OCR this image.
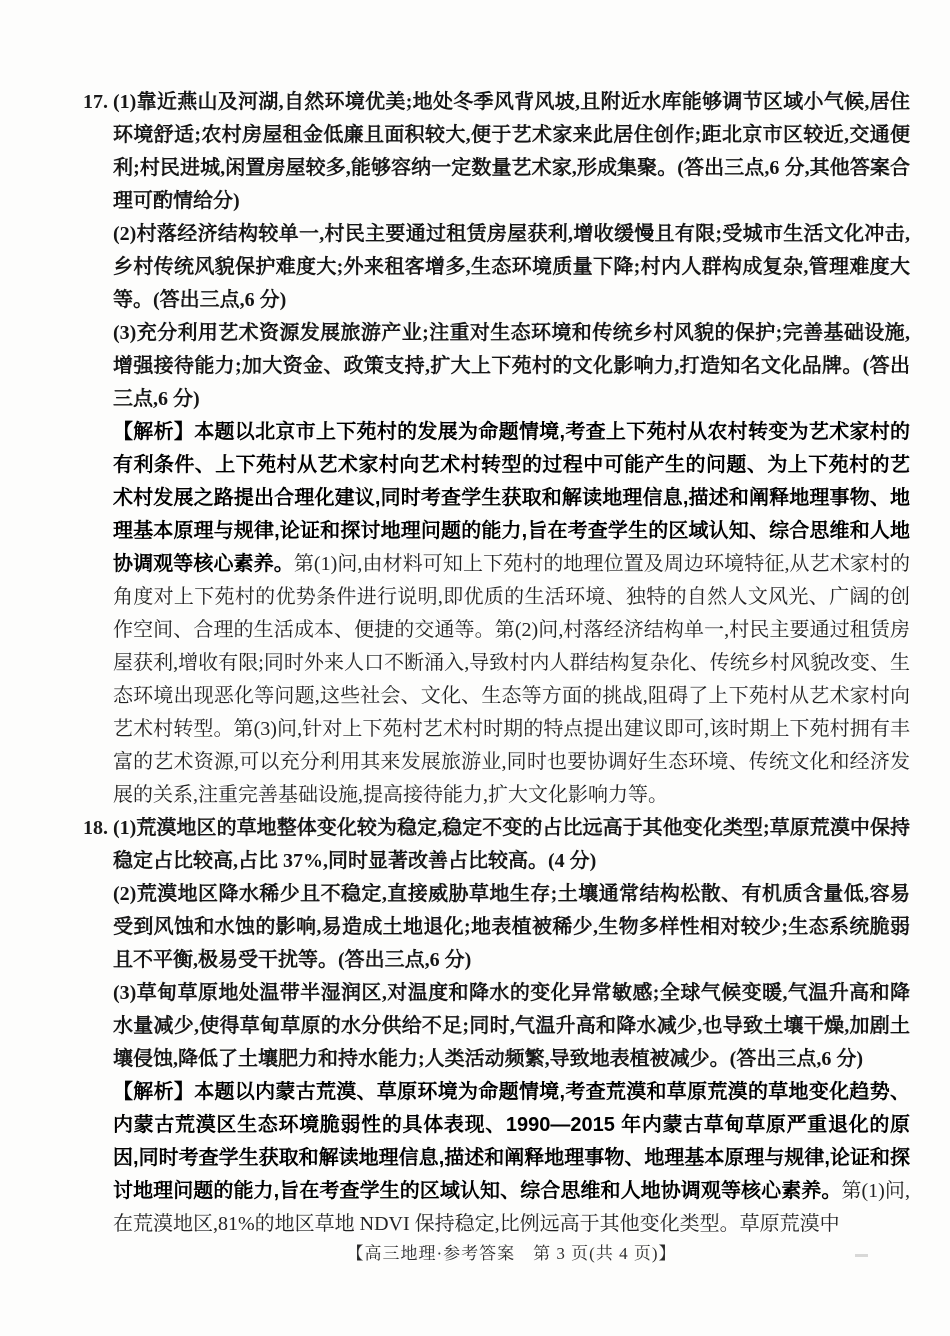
17. (1)靠近燕山及河湖,自然环境优美;地处冬季风背风坡,且附近水库能够调节区域小气候,居住环境舒适;农村房屋租金低廉且面积较大,便于艺术家来此居住创作;距北京市区较近,交通便利;村民进城,闲置房屋较多,能够容纳一定数量艺术家,形成集聚。(答出三点,6 分,其他答案合理可酌情给分)

(2)村落经济结构较单一,村民主要通过租赁房屋获利,增收缓慢且有限;受城市生活文化冲击,乡村传统风貌保护难度大;外来租客增多,生态环境质量下降;村内人群构成复杂,管理难度大等。(答出三点,6 分)

(3)充分利用艺术资源发展旅游产业;注重对生态环境和传统乡村风貌的保护;完善基础设施,增强接待能力;加大资金、政策支持,扩大上下苑村的文化影响力,打造知名文化品牌。(答出三点,6 分)

【解析】本题以北京市上下苑村的发展为命题情境,考查上下苑村从农村转变为艺术家村的有利条件、上下苑村从艺术家村向艺术村转型的过程中可能产生的问题、为上下苑村的艺术村发展之路提出合理化建议,同时考查学生获取和解读地理信息,描述和阐释地理事物、地理基本原理与规律,论证和探讨地理问题的能力,旨在考查学生的区域认知、综合思维和人地协调观等核心素养。第(1)问,由材料可知上下苑村的地理位置及周边环境特征,从艺术家村的角度对上下苑村的优势条件进行说明,即优质的生活环境、独特的自然人文风光、广阔的创作空间、合理的生活成本、便捷的交通等。第(2)问,村落经济结构单一,村民主要通过租赁房屋获利,增收有限;同时外来人口不断涌入,导致村内人群结构复杂化、传统乡村风貌改变、生态环境出现恶化等问题,这些社会、文化、生态等方面的挑战,阻碍了上下苑村从艺术家村向艺术村转型。第(3)问,针对上下苑村艺术村时期的特点提出建议即可,该时期上下苑村拥有丰富的艺术资源,可以充分利用其来发展旅游业,同时也要协调好生态环境、传统文化和经济发展的关系,注重完善基础设施,提高接待能力,扩大文化影响力等。

18. (1)荒漠地区的草地整体变化较为稳定,稳定不变的占比远高于其他变化类型;草原荒漠中保持稳定占比较高,占比 37%,同时显著改善占比较高。(4 分)

(2)荒漠地区降水稀少且不稳定,直接威胁草地生存;土壤通常结构松散、有机质含量低,容易受到风蚀和水蚀的影响,易造成土地退化;地表植被稀少,生物多样性相对较少;生态系统脆弱且不平衡,极易受干扰等。(答出三点,6 分)

(3)草甸草原地处温带半湿润区,对温度和降水的变化异常敏感;全球气候变暖,气温升高和降水量减少,使得草甸草原的水分供给不足;同时,气温升高和降水减少,也导致土壤干燥,加剧土壤侵蚀,降低了土壤肥力和持水能力;人类活动频繁,导致地表植被减少。(答出三点,6 分)

【解析】本题以内蒙古荒漠、草原环境为命题情境,考查荒漠和草原荒漠的草地变化趋势、内蒙古荒漠区生态环境脆弱性的具体表现、1990—2015 年内蒙古草甸草原严重退化的原因,同时考查学生获取和解读地理信息,描述和阐释地理事物、地理基本原理与规律,论证和探讨地理问题的能力,旨在考查学生的区域认知、综合思维和人地协调观等核心素养。第(1)问,在荒漠地区,81%的地区草地 NDVI 保持稳定,比例远高于其他变化类型。草原荒漠中

【高三地理·参考答案　第 3 页(共 4 页)】
